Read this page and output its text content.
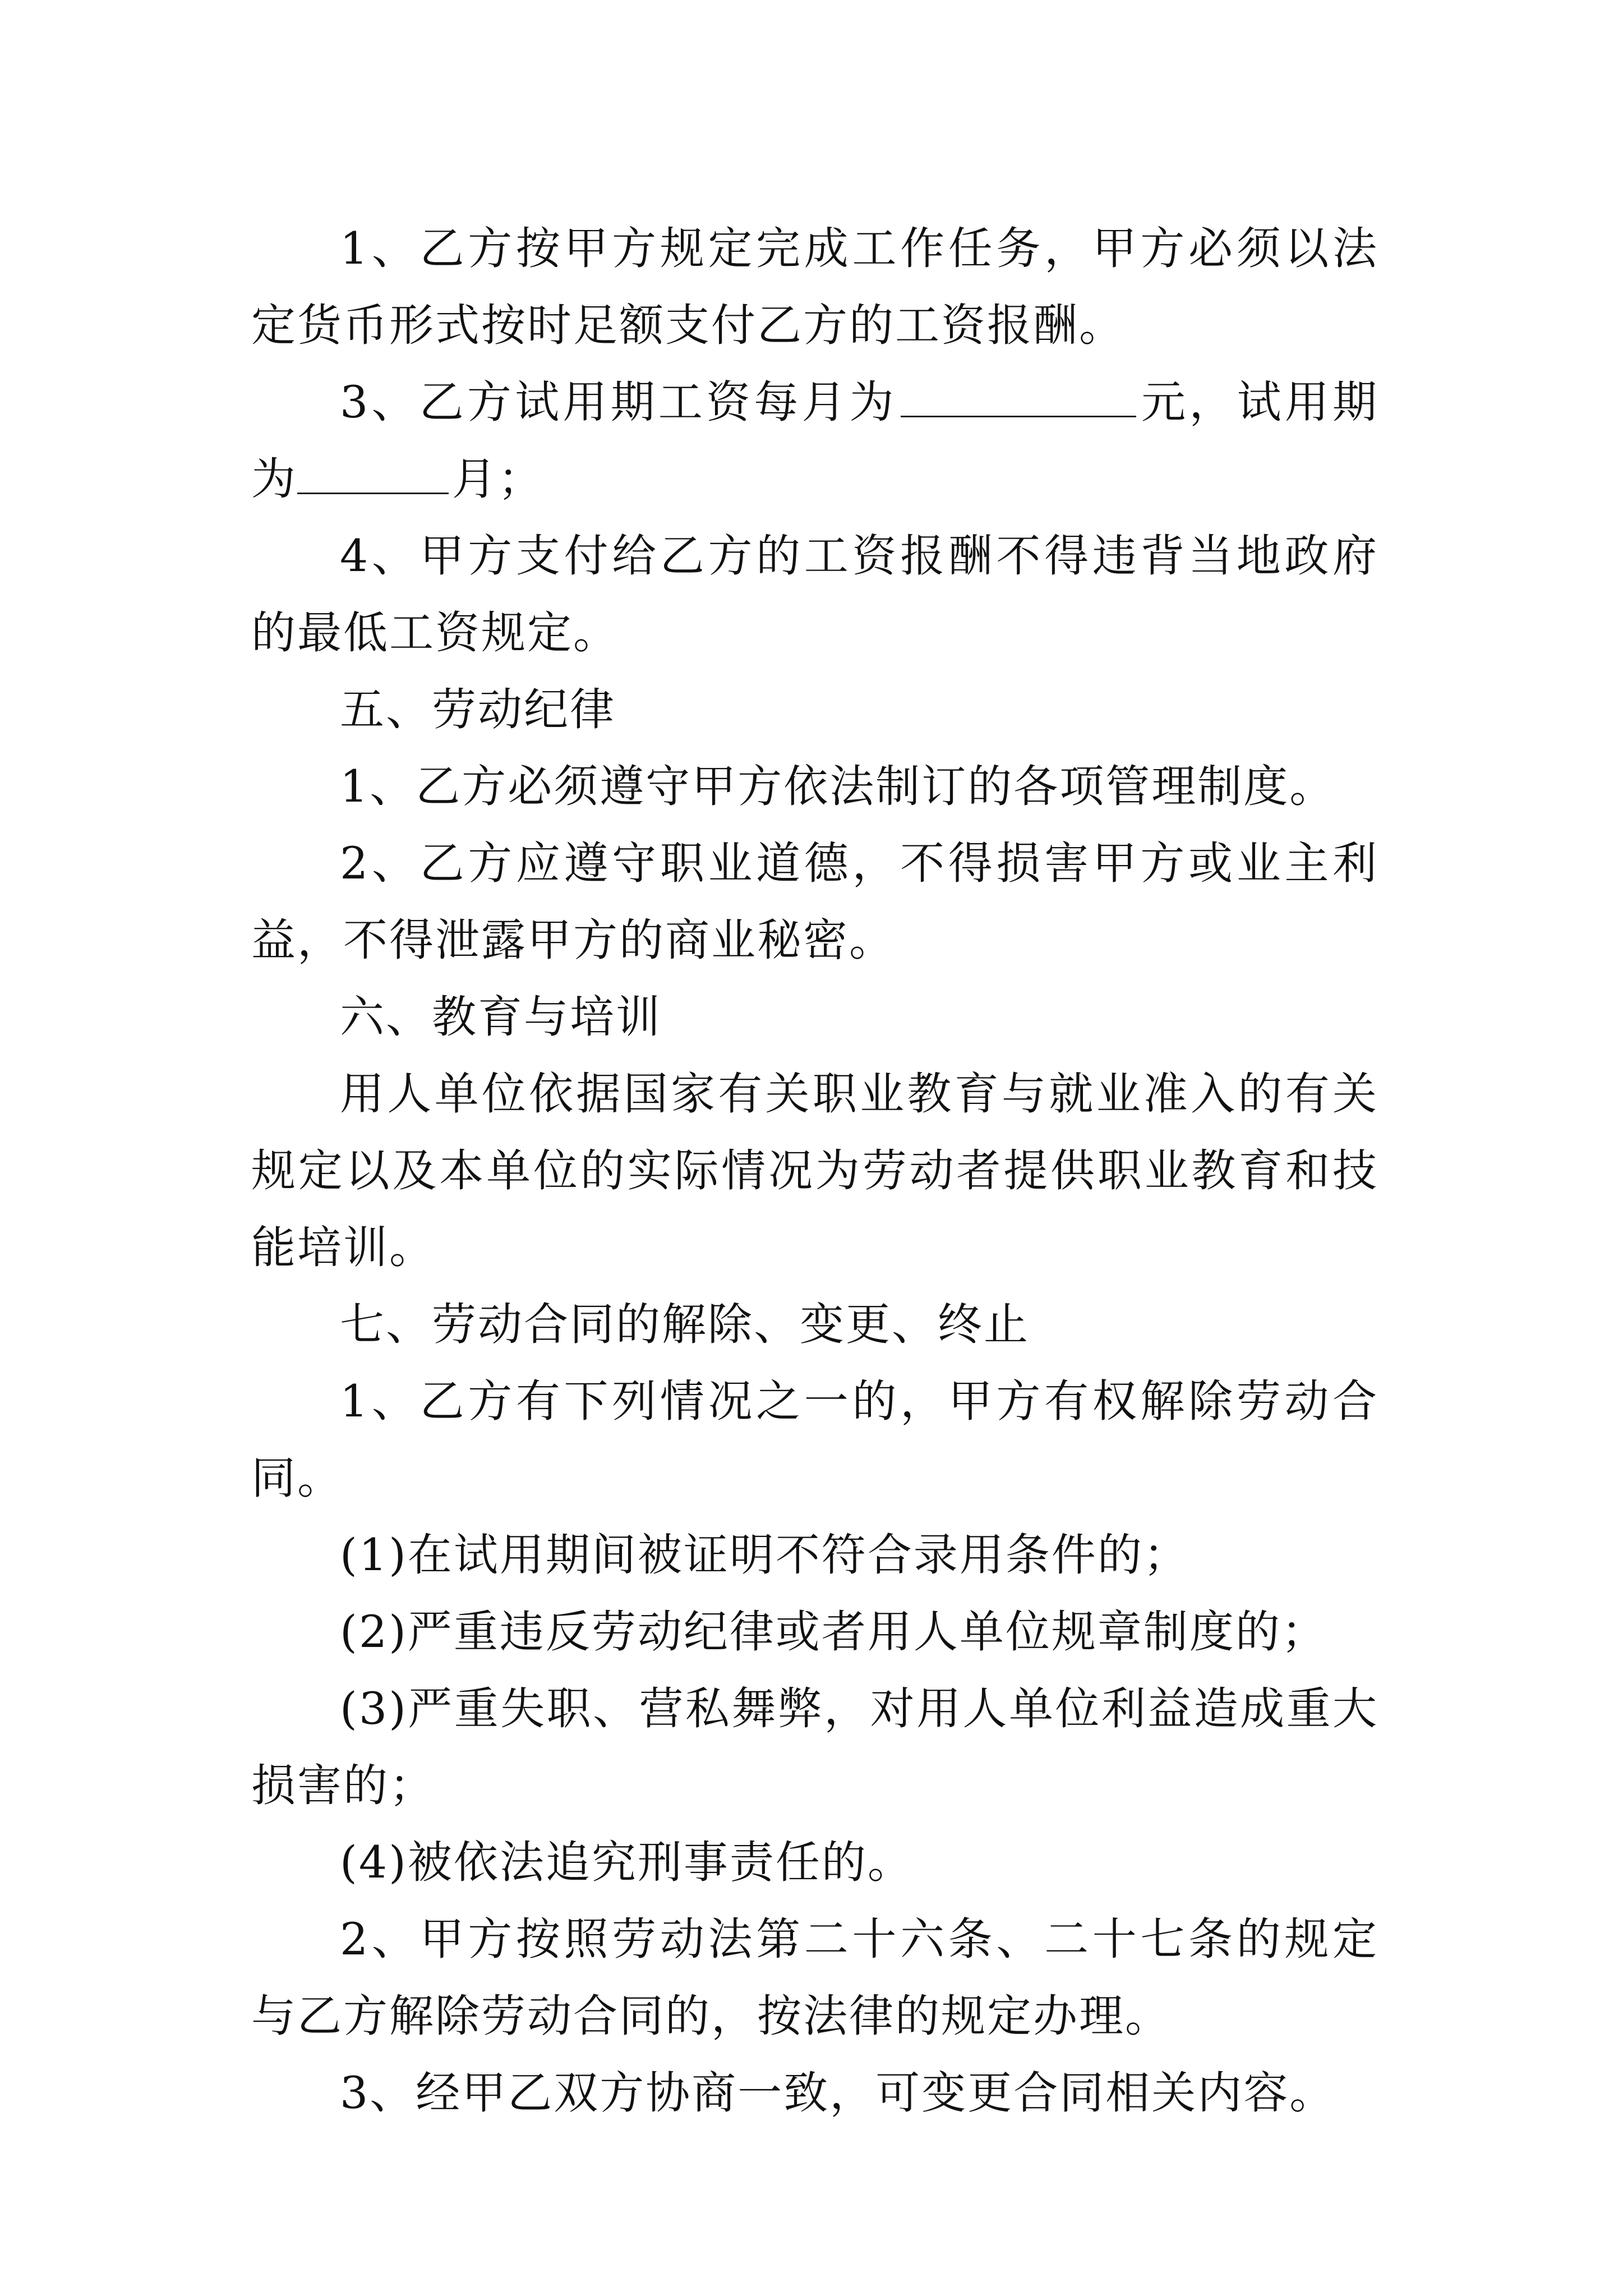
1、乙方按甲方规定完成工作任务，甲方必须以法定货币形式按时足额支付乙方的工资报酬。

3、乙方试用期工资每月为	元，试用期为	月；

4、甲方支付给乙方的工资报酬不得违背当地政府的最低工资规定。

五、劳动纪律

1、乙方必须遵守甲方依法制订的各项管理制度。

2、乙方应遵守职业道德，不得损害甲方或业主利益，不得泄露甲方的商业秘密。

六、教育与培训

用人单位依据国家有关职业教育与就业准入的有关规定以及本单位的实际情况为劳动者提供职业教育和技能培训。

七、劳动合同的解除、变更、终止

1、乙方有下列情况之一的，甲方有权解除劳动合同。

(1)在试用期间被证明不符合录用条件的；

(2)严重违反劳动纪律或者用人单位规章制度的；

(3)严重失职、营私舞弊，对用人单位利益造成重大损害的；

(4)被依法追究刑事责任的。

2、甲方按照劳动法第二十六条、二十七条的规定与乙方解除劳动合同的，按法律的规定办理。

3、经甲乙双方协商一致，可变更合同相关内容。
